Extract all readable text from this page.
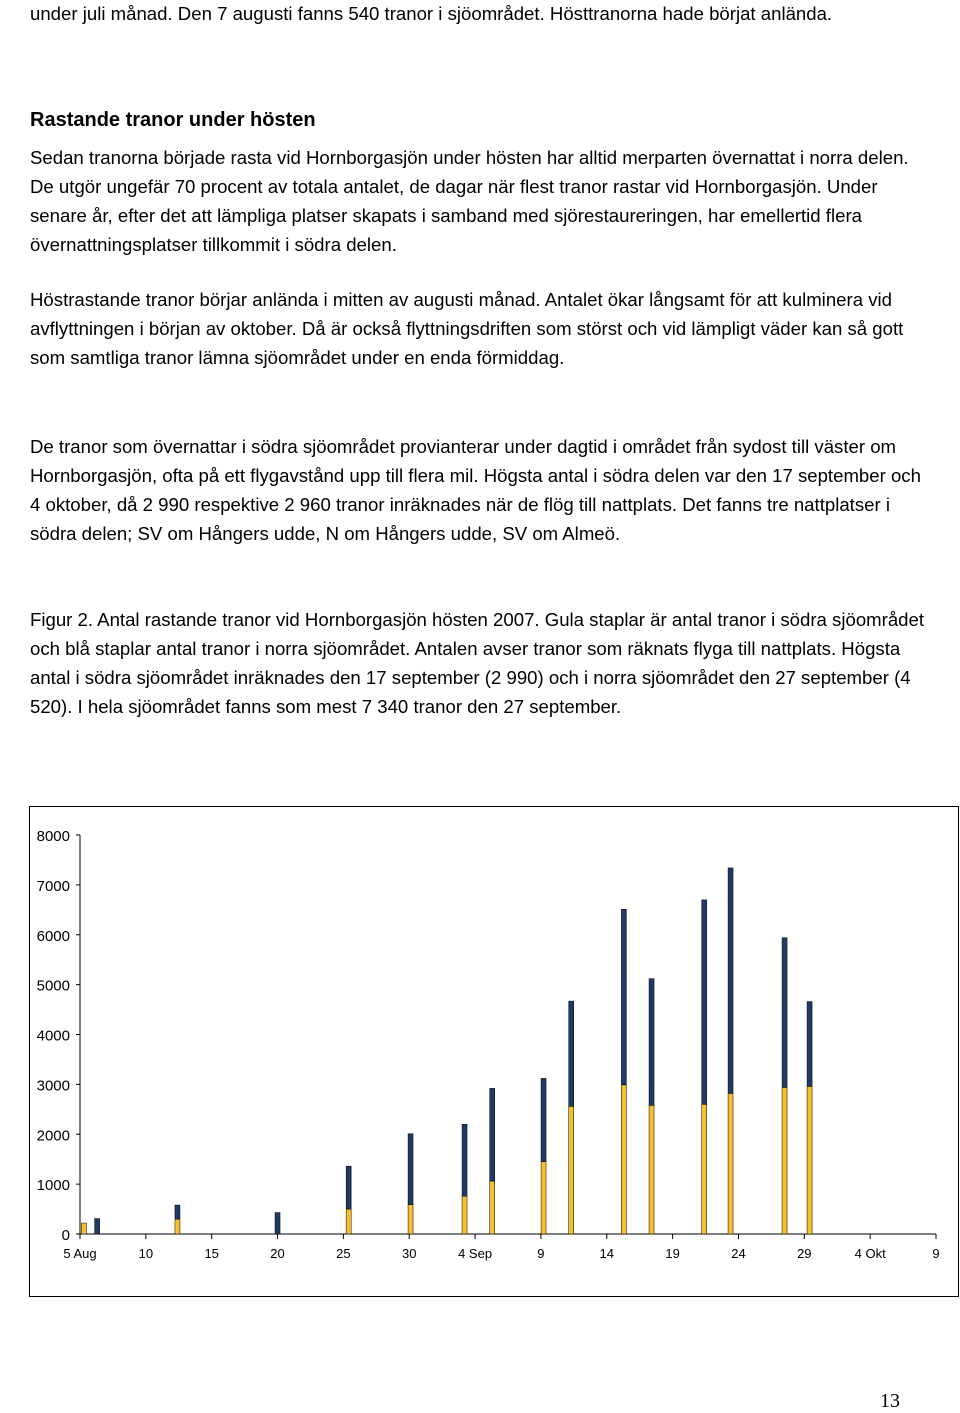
under juli månad. Den 7 augusti fanns 540 tranor i sjöområdet. Hösttranorna hade börjat anlända.

Rastande tranor under hösten

Sedan tranorna började rasta vid Hornborgasjön under hösten har alltid merparten övernattat i norra delen. De utgör ungefär 70 procent av totala antalet, de dagar när flest tranor rastar vid Hornborgasjön. Under senare år, efter det att lämpliga platser skapats i samband med sjörestaureringen, har emellertid flera övernattningsplatser tillkommit i södra delen.

Höstrastande tranor börjar anlända i mitten av augusti månad. Antalet ökar långsamt för att kulminera vid avflyttningen i början av oktober. Då är också flyttningsdriften som störst och vid lämpligt väder kan så gott som samtliga tranor lämna sjöområdet under en enda förmiddag.

De tranor som övernattar i södra sjöområdet provianterar under dagtid i området från sydost till väster om Hornborgasjön, ofta på ett flygavstånd upp till flera mil. Högsta antal i södra delen var den 17 september och 4 oktober, då 2 990 respektive 2 960 tranor inräknades när de flög till nattplats. Det fanns tre nattplatser i södra delen; SV om Hångers udde, N om Hångers udde, SV om Almeö.

Figur 2. Antal rastande tranor vid Hornborgasjön hösten 2007. Gula staplar är antal tranor i södra sjöområdet och blå staplar antal tranor i norra sjöområdet. Antalen avser tranor som räknats flyga till nattplats. Högsta antal i södra sjöområdet inräknades den 17 september (2 990) och i norra sjöområdet den 27 september (4 520). I hela sjöområdet fanns som mest 7 340 tranor den 27 september.

0
1000
2000
3000
4000
5000
6000
7000
8000
5 Aug	10	15	20	25	30	4 Sep	9	14	19	24	29	4 Okt	9
13
